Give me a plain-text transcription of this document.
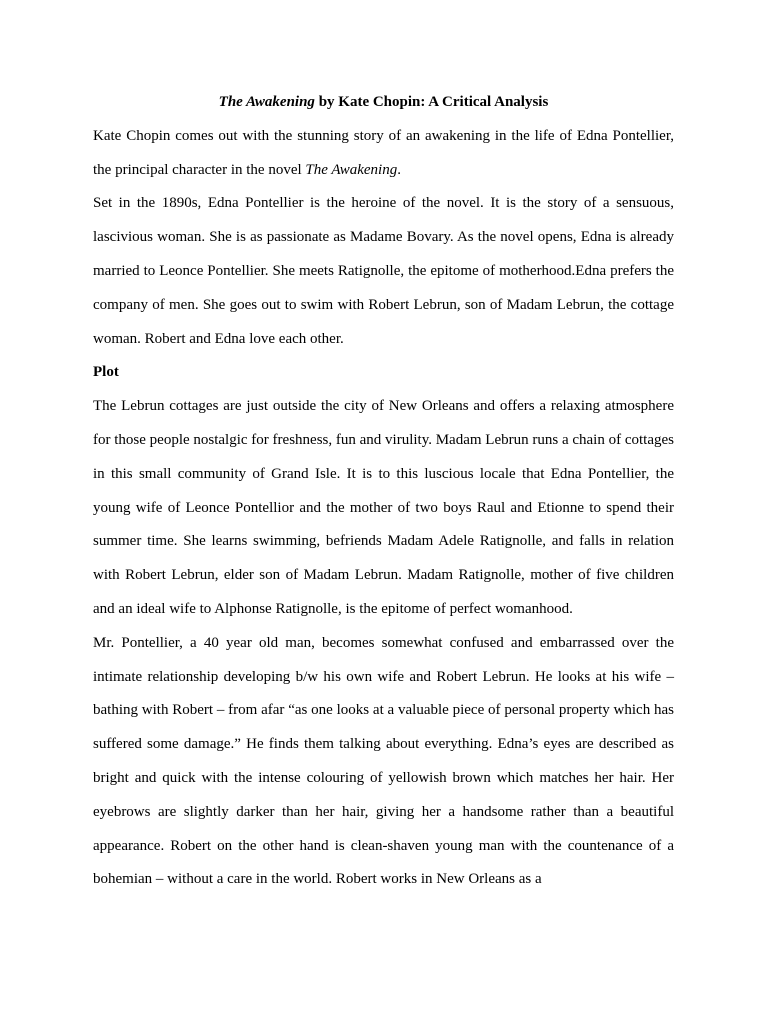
The Awakening by Kate Chopin: A Critical Analysis

Kate Chopin comes out with the stunning story of an awakening in the life of Edna Pontellier, the principal character in the novel The Awakening.

Set in the 1890s, Edna Pontellier is the heroine of the novel. It is the story of a sensuous, lascivious woman. She is as passionate as Madame Bovary. As the novel opens, Edna is already married to Leonce Pontellier. She meets Ratignolle, the epitome of motherhood.Edna prefers the company of men. She goes out to swim with Robert Lebrun, son of Madam Lebrun, the cottage woman. Robert and Edna love each other.

Plot

The Lebrun cottages are just outside the city of New Orleans and offers a relaxing atmosphere for those people nostalgic for freshness, fun and virulity. Madam Lebrun runs a chain of cottages in this small community of Grand Isle. It is to this luscious locale that Edna Pontellier, the young wife of Leonce Pontellior and the mother of two boys Raul and Etionne to spend their summer time. She learns swimming, befriends Madam Adele Ratignolle, and falls in relation with Robert Lebrun, elder son of Madam Lebrun. Madam Ratignolle, mother of five children and an ideal wife to Alphonse Ratignolle, is the epitome of perfect womanhood.

Mr. Pontellier, a 40 year old man, becomes somewhat confused and embarrassed over the intimate relationship developing b/w his own wife and Robert Lebrun. He looks at his wife – bathing with Robert – from afar “as one looks at a valuable piece of personal property which has suffered some damage.” He finds them talking about everything. Edna’s eyes are described as bright and quick with the intense colouring of yellowish brown which matches her hair. Her eyebrows are slightly darker than her hair, giving her a handsome rather than a beautiful appearance. Robert on the other hand is clean-shaven young man with the countenance of a bohemian – without a care in the world. Robert works in New Orleans as a
